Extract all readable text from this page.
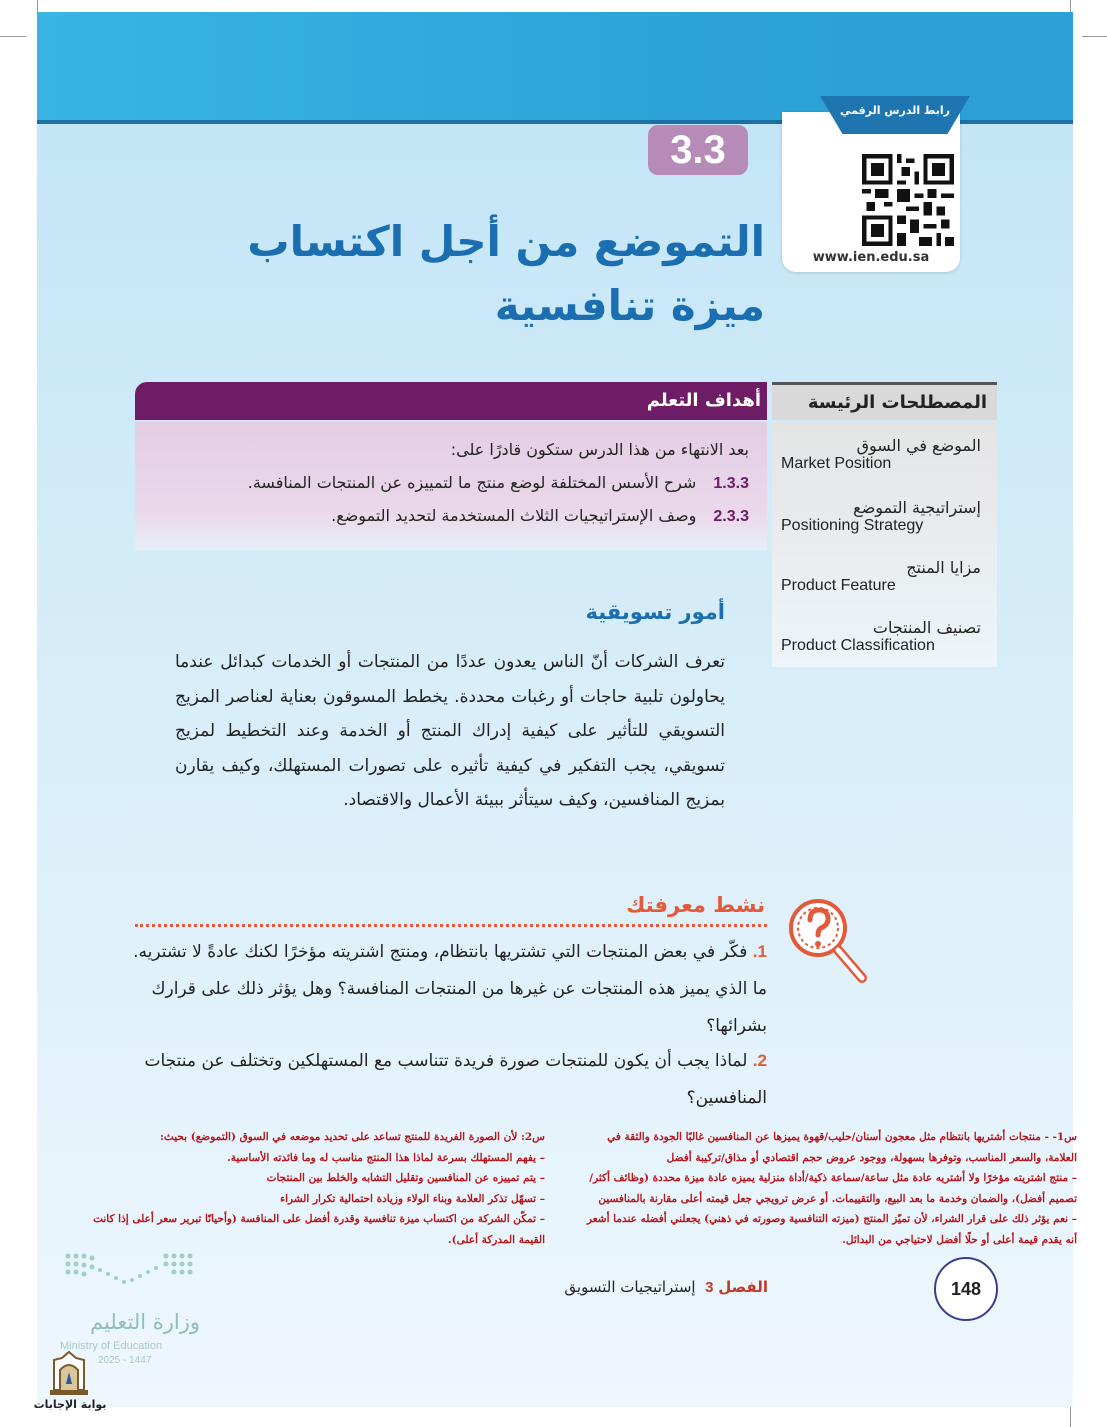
رابط الدرس الرقمي
www.ien.edu.sa
3.3
التموضع من أجل اكتساب
ميزة تنافسية
المصطلحات الرئيسة
الموضع في السوق
Market Position
إستراتيجية التموضع
Positioning Strategy
مزايا المنتج
Product Feature
تصنيف المنتجات
Product Classification
أهداف التعلم
بعد الانتهاء من هذا الدرس ستكون قادرًا على:
1.3.3 شرح الأسس المختلفة لوضع منتج ما لتمييزه عن المنتجات المنافسة.
2.3.3 وصف الإستراتيجيات الثلاث المستخدمة لتحديد التموضع.
أمور تسويقية
تعرف الشركات أنّ الناس يعدون عددًا من المنتجات أو الخدمات كبدائل عندما يحاولون تلبية حاجات أو رغبات محددة. يخطط المسوقون بعناية لعناصر المزيج التسويقي للتأثير على كيفية إدراك المنتج أو الخدمة وعند التخطيط لمزيج تسويقي، يجب التفكير في كيفية تأثيره على تصورات المستهلك، وكيف يقارن بمزيج المنافسين، وكيف سيتأثر ببيئة الأعمال والاقتصاد.
نشط معرفتك
1. فكّر في بعض المنتجات التي تشتريها بانتظام، ومنتج اشتريته مؤخرًا لكنك عادةً لا تشتريه. ما الذي يميز هذه المنتجات عن غيرها من المنتجات المنافسة؟ وهل يؤثر ذلك على قرارك بشرائها؟
2. لماذا يجب أن يكون للمنتجات صورة فريدة تتناسب مع المستهلكين وتختلف عن منتجات المنافسين؟
س1- - منتجات أشتريها بانتظام مثل معجون أسنان/حليب/قهوة يميزها عن المنافسين غالبًا الجودة والثقة في
العلامة، والسعر المناسب، وتوفرها بسهولة، ووجود عروض حجم اقتصادي أو مذاق/تركيبة أفضل
– منتج اشتريته مؤخرًا ولا أشتريه عادة مثل ساعة/سماعة ذكية/أداة منزلية يميزه عادة ميزة محددة (وظائف أكثر/
تصميم أفضل)، والضمان وخدمة ما بعد البيع، والتقييمات. أو عرض ترويجي جعل قيمته أعلى مقارنة بالمنافسين
– نعم يؤثر ذلك على قرار الشراء، لأن تميّز المنتج (ميزته التنافسية وصورته في ذهني) يجعلني أفضله عندما أشعر
أنه يقدم قيمة أعلى أو حلًا أفضل لاحتياجي من البدائل.
س2: لأن الصورة الفريدة للمنتج تساعد على تحديد موضعه في السوق (التموضع) بحيث:
– يفهم المستهلك بسرعة لماذا هذا المنتج مناسب له وما فائدته الأساسية.
– يتم تمييزه عن المنافسين وتقليل التشابه والخلط بين المنتجات
– تسهّل تذكر العلامة وبناء الولاء وزيادة احتمالية تكرار الشراء
– تمكّن الشركة من اكتساب ميزة تنافسية وقدرة أفضل على المنافسة (وأحيانًا تبرير سعر أعلى إذا كانت
القيمة المدركة أعلى).
148
الفصل 3  إستراتيجيات التسويق
وزارة التعليم
Ministry of Education
2025 - 1447
بوابة الإجابات
